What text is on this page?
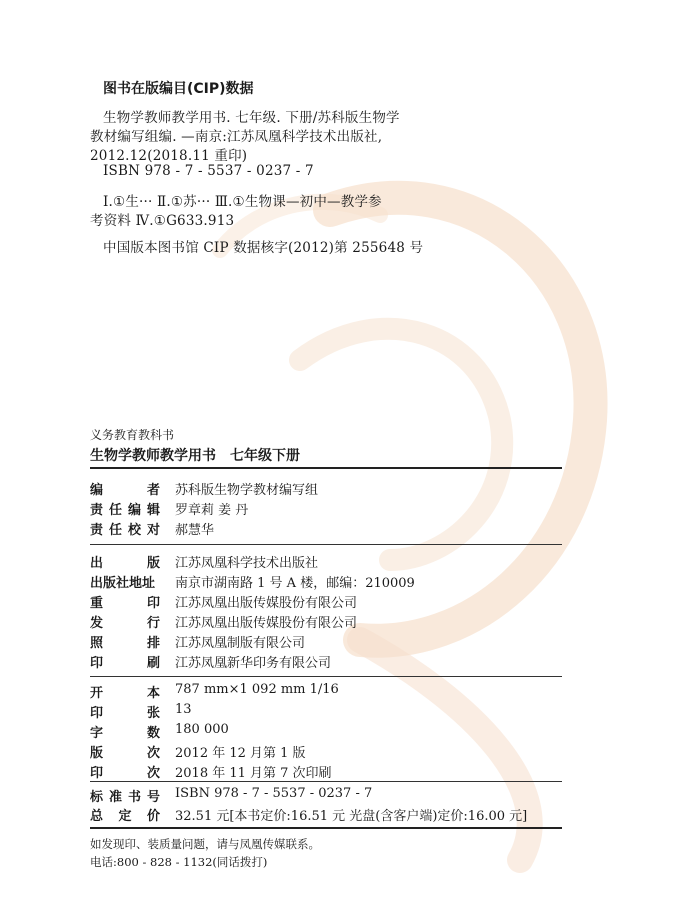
图书在版编目(CIP)数据
生物学教师教学用书. 七年级. 下册/苏科版生物学
教材编写组编. —南京:江苏凤凰科学技术出版社,
2012.12(2018.11 重印)
ISBN 978 - 7 - 5537 - 0237 - 7
Ⅰ.①生··· Ⅱ.①苏··· Ⅲ.①生物课—初中—教学参
考资料 Ⅳ.①G633.913
中国版本图书馆 CIP 数据核字(2012)第 255648 号
义务教育教科书
生物学教师教学用书 七年级下册
编	者 苏科版生物学教材编写组
责 任 编 辑 罗章莉 姜 丹
责 任 校 对 郝慧华
出	版 江苏凤凰科学技术出版社
出版社地址	南京市湖南路 1 号 A 楼，邮编：210009
重	印 江苏凤凰出版传媒股份有限公司
发	行 江苏凤凰出版传媒股份有限公司
照	排 江苏凤凰制版有限公司
印	刷 江苏凤凰新华印务有限公司
开	本 787 mm×1 092 mm 1/16
印	张 13
字	数 180 000
版	次 2012 年 12 月第 1 版
印	次 2018 年 11 月第 7 次印刷
标 准 书 号 ISBN 978 - 7 - 5537 - 0237 - 7
总 定 价 32.51 元[本书定价:16.51 元 光盘(含客户端)定价:16.00 元]
如发现印、装质量问题，请与凤凰传媒联系。
电话:800 - 828 - 1132(同话拨打)
